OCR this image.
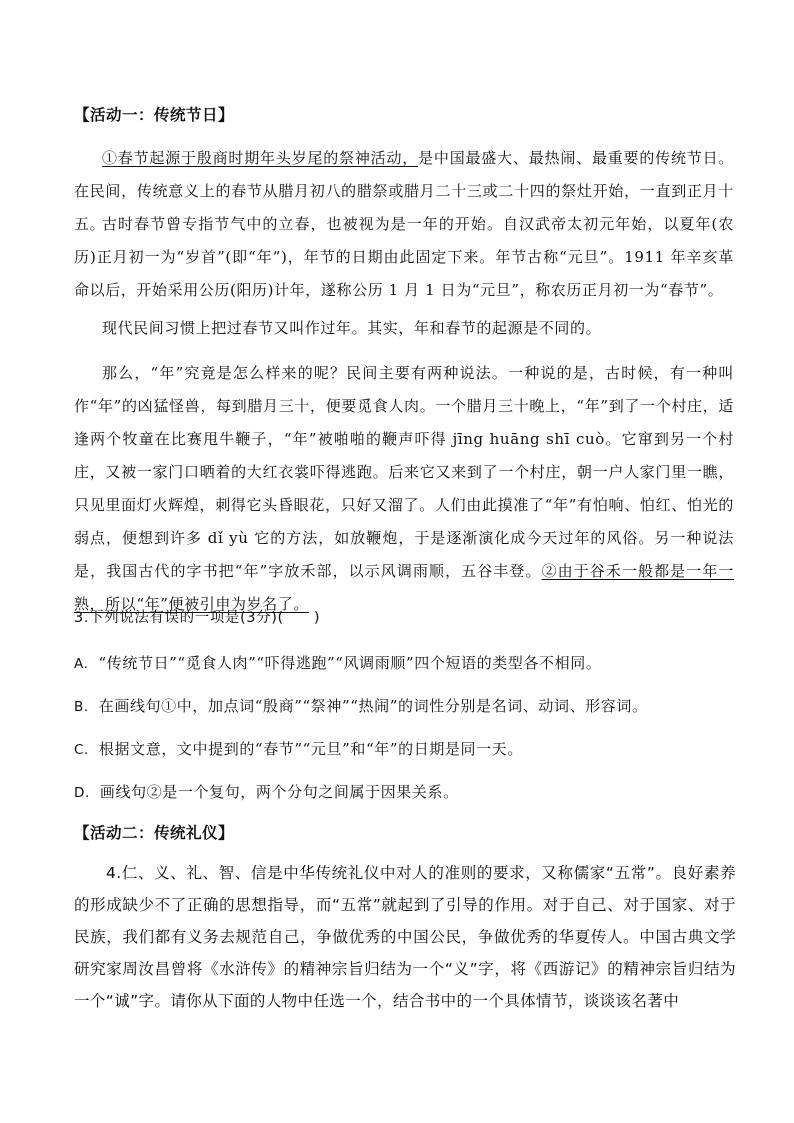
【活动一：传统节日】

①春节起源于殷商时期年头岁尾的祭神活动，是中国最盛大、最热闹、最重要的传统节日。在民间，传统意义上的春节从腊月初八的腊祭或腊月二十三或二十四的祭灶开始，一直到正月十五。

古时春节曾专指节气中的立春，也被视为是一年的开始。自汉武帝太初元年始，以夏年(农历)正月初一为“岁首”(即“年”)，年节的日期由此固定下来。年节古称“元旦”。1911 年辛亥革命以后，开始采用公历(阳历)计年，遂称公历 1 月 1 日为“元旦”，称农历正月初一为“春节”。

现代民间习惯上把过春节又叫作过年。其实，年和春节的起源是不同的。

那么，“年”究竟是怎么样来的呢？民间主要有两种说法。一种说的是，古时候，有一种叫作“年”的凶猛怪兽，每到腊月三十，便要觅食人肉。一个腊月三十晚上，“年”到了一个村庄，适逢两个牧童在比赛甩牛鞭子，“年”被啪啪的鞭声吓得 jīng huāng shī cuò。它窜到另一个村庄，又被一家门口晒着的大红衣裳吓得逃跑。后来它又来到了一个村庄，朝一户人家门里一瞧，只见里面灯火辉煌，刺得它头昏眼花，只好又溜了。人们由此摸准了“年”有怕响、怕红、怕光的弱点，便想到许多 dǐ yù 它的方法，如放鞭炮，于是逐渐演化成今天过年的风俗。另一种说法是，我国古代的字书把“年”字放禾部，以示风调雨顺，五谷丰登。②由于谷禾一般都是一年一熟，所以“年”便被引申为岁名了。

3.下列说法有误的一项是(3分)(　　)

A. “传统节日”“觅食人肉”“吓得逃跑”“风调雨顺”四个短语的类型各不相同。

B. 在画线句①中，加点词“殷商”“祭神”“热闹”的词性分别是名词、动词、形容词。

C. 根据文意，文中提到的“春节”“元旦”和“年”的日期是同一天。

D. 画线句②是一个复句，两个分句之间属于因果关系。

【活动二：传统礼仪】

4.仁、义、礼、智、信是中华传统礼仪中对人的准则的要求，又称儒家“五常”。良好素养的形成缺少不了正确的思想指导，而“五常”就起到了引导的作用。对于自己、对于国家、对于民族，我们都有义务去规范自己，争做优秀的中国公民，争做优秀的华夏传人。中国古典文学研究家周汝昌曾将《水浒传》的精神宗旨归结为一个“义”字，将《西游记》的精神宗旨归结为一个“诚”字。请你从下面的人物中任选一个，结合书中的一个具体情节，谈谈该名著中
